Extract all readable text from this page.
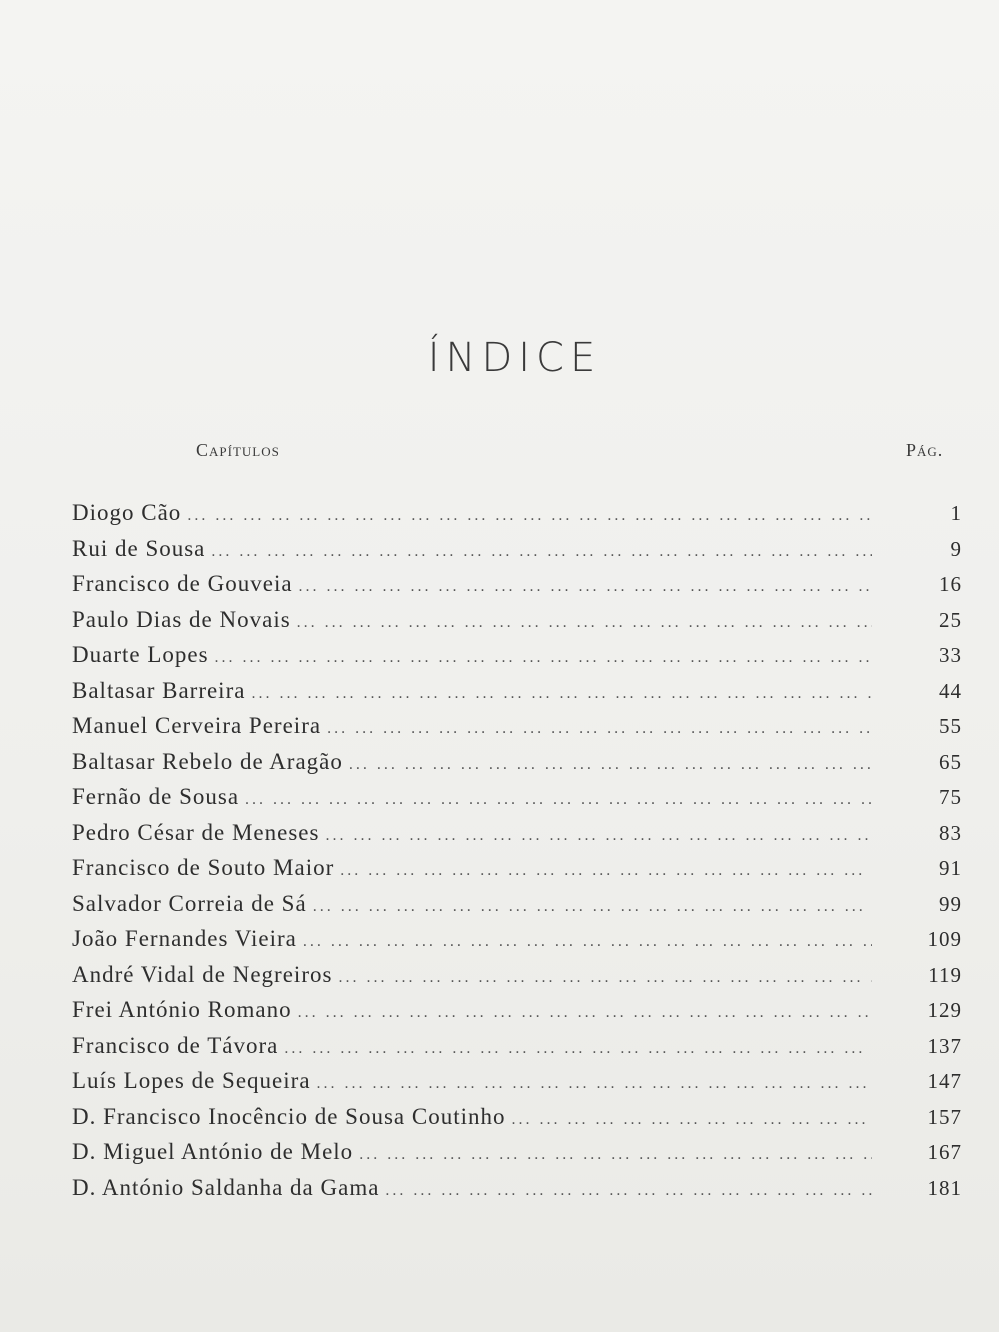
ÍNDICE
Capítulos	Pág.
Diogo Cão ... .	1
Rui de Sousa ... .	9
Francisco de Gouveia ... .	16
Paulo Dias de Novais ... .	25
Duarte Lopes ... .	33
Baltasar Barreira ... .	44
Manuel Cerveira Pereira ... .	55
Baltasar Rebelo de Aragão ... .	65
Fernão de Sousa ... .	75
Pedro César de Meneses ... .	83
Francisco de Souto Maior ... .	91
Salvador Correia de Sá ... .	99
João Fernandes Vieira ... .	109
André Vidal de Negreiros ... .	119
Frei António Romano ... .	129
Francisco de Távora ... .	137
Luís Lopes de Sequeira ... .	147
D. Francisco Inocêncio de Sousa Coutinho ... .	157
D. Miguel António de Melo ... .	167
D. António Saldanha da Gama ... .	181
